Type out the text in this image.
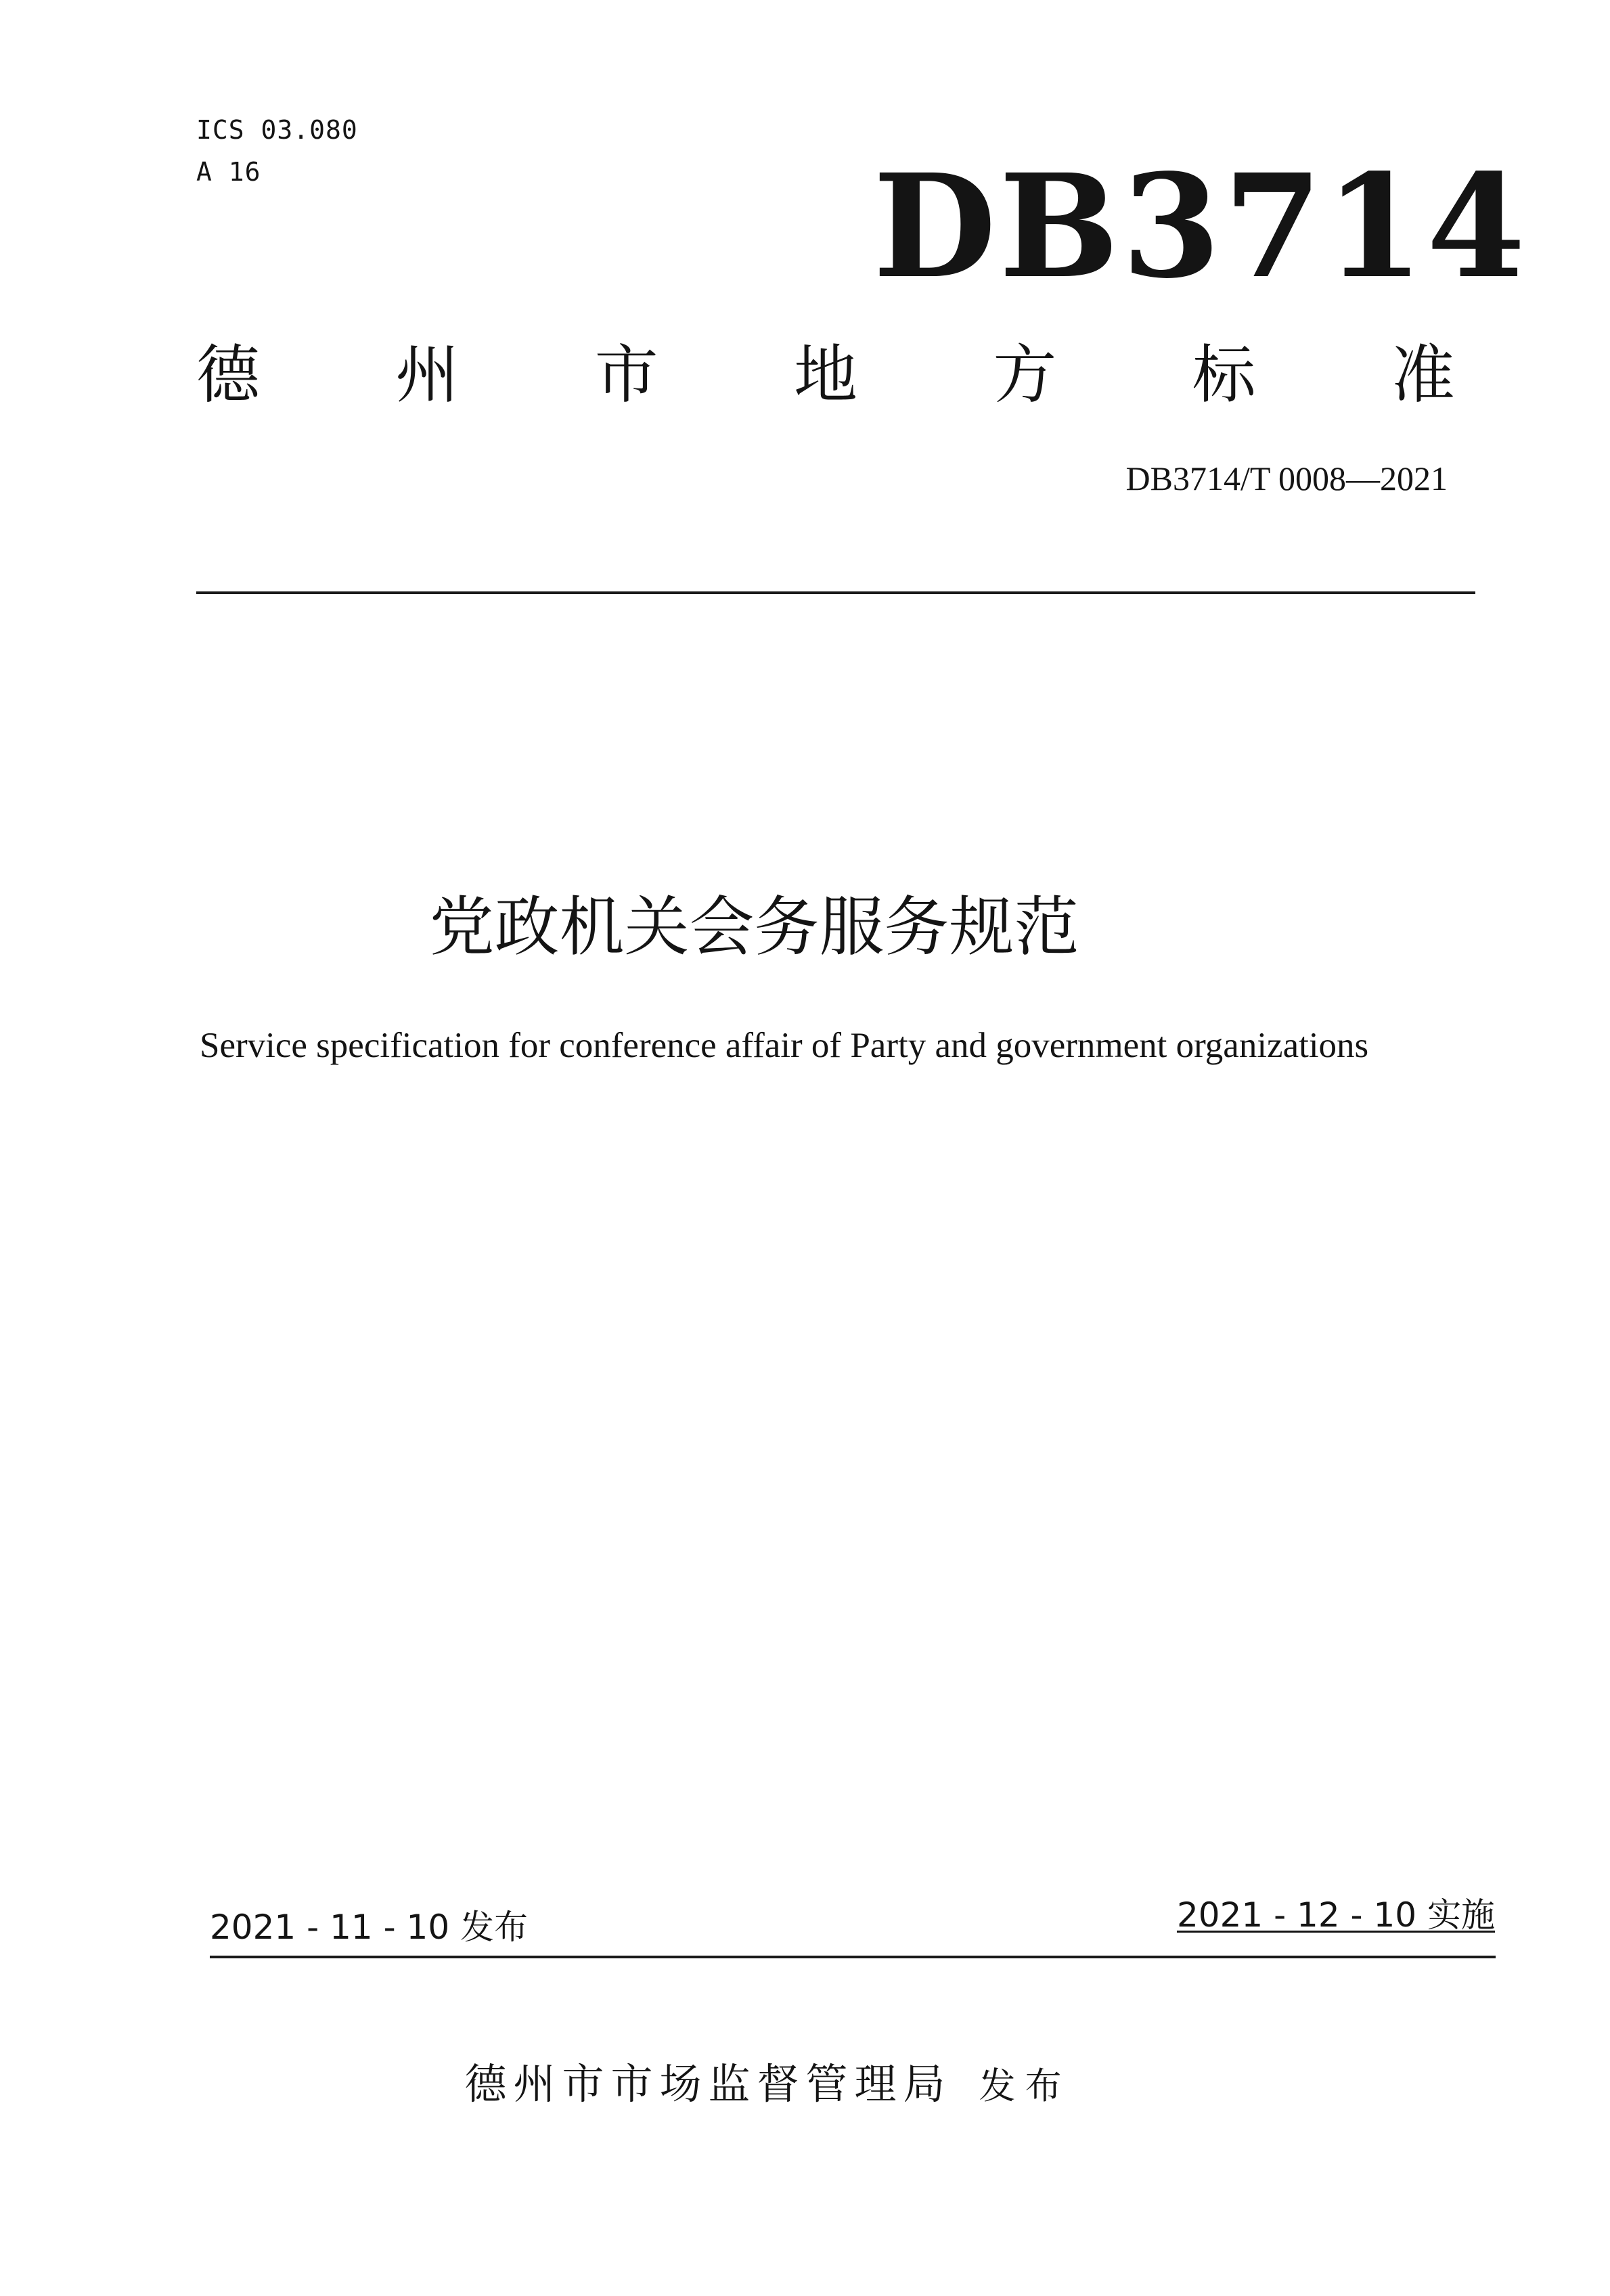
ICS 03.080
A 16	DB3714
德 州 市 地 方 标 准
DB3714/T 0008—2021
党政机关会务服务规范
Service specification for conference affair of Party and government organizations
2021 - 11 - 10 发布	2021 - 12 - 10 实施
德州市市场监督管理局 发布
